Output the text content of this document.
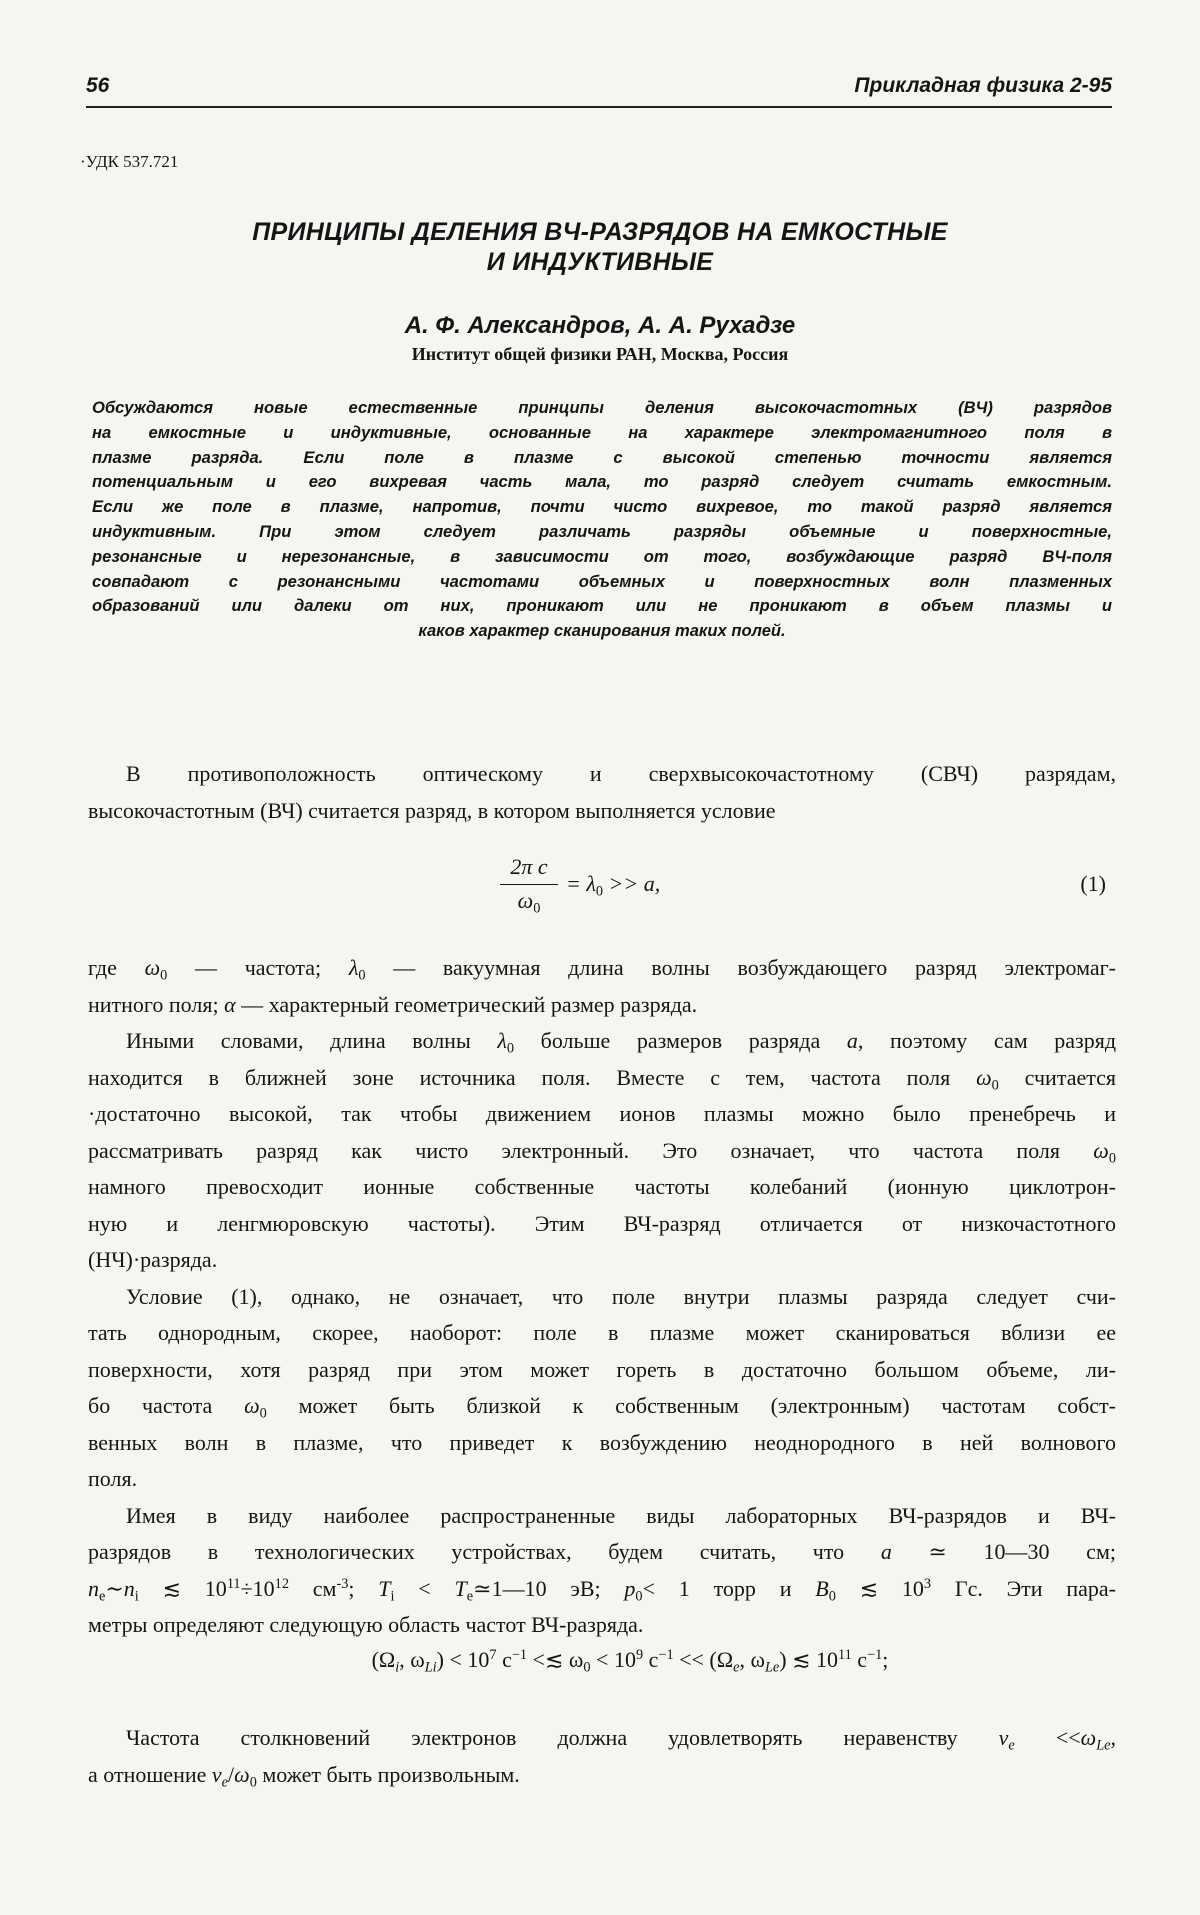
56	Прикладная физика 2-95
·УДК 537.721
ПРИНЦИПЫ ДЕЛЕНИЯ ВЧ-РАЗРЯДОВ НА ЕМКОСТНЫЕ
И ИНДУКТИВНЫЕ
А. Ф. Александров, А. А. Рухадзе
Институт общей физики РАН, Москва, Россия
Обсуждаются новые естественные принципы деления высокочастотных (ВЧ) разрядов
на емкостные и индуктивные, основанные на характере электромагнитного поля в
плазме разряда. Если поле в плазме с высокой степенью точности является
потенциальным и его вихревая часть мала, то разряд следует считать емкостным.
Если же поле в плазме, напротив, почти чисто вихревое, то такой разряд является
индуктивным. При этом следует различать разряды объемные и поверхностные,
резонансные и нерезонансные, в зависимости от того, возбуждающие разряд ВЧ-поля
совпадают с резонансными частотами объемных и поверхностных волн плазменных
образований или далеки от них, проникают или не проникают в объем плазмы и
каков характер сканирования таких полей.
В противоположность оптическому и сверхвысокочастотному (СВЧ) разрядам,
высокочастотным (ВЧ) считается разряд, в котором выполняется условие
$\frac{\text{2π c}}{\omega_0} = \lambda_0 >> a$,	(1)
где $\omega_0$ — частота; $\lambda_0$ — вакуумная длина волны возбуждающего разряд электромаг-
нитного поля; α — характерный геометрический размер разряда.
Иными словами, длина волны $\lambda_0$ больше размеров разряда a, поэтому сам разряд
находится в ближней зоне источника поля. Вместе с тем, частота поля $\omega_0$ считается
·достаточно высокой, так чтобы движением ионов плазмы можно было пренебречь и
рассматривать разряд как чисто электронный. Это означает, что частота поля $\omega_0$
намного превосходит ионные собственные частоты колебаний (ионную циклотрон-
ную и ленгмюровскую частоты). Этим ВЧ-разряд отличается от низкочастотного
(НЧ)·разряда.
Условие (1), однако, не означает, что поле внутри плазмы разряда следует счи-
тать однородным, скорее, наоборот: поле в плазме может сканироваться вблизи ее
поверхности, хотя разряд при этом может гореть в достаточно большом объеме, ли-
бо частота $\omega_0$ может быть близкой к собственным (электронным) частотам собст-
венных волн в плазме, что приведет к возбуждению неоднородного в ней волнового
поля.
Имея в виду наиболее распространенные виды лабораторных ВЧ-разрядов и ВЧ-
разрядов в технологических устройствах, будем считать, что a ≃ 10—30 см;
$n_e\sim n_i$ ≲ $10^{11}\div 10^{12}$ $см^{-3}$; $T_i$ < $T_e≃1—10$ эВ; $p_0< 1$ торр и $B_0$ ≲ $10^3$ Гс. Эти пара-
метры определяют следующую область частот ВЧ-разряда.
($\Omega_i$, $\omega_{Li}) < 10^7$ $с^{-1}$ <≲ $\omega_0 < 10^9$ $с^{-1} << (\Omega_e$, $\omega_{Le}$) ≲ $10^{11}$ $с^{-1}$;
Частота столкновений электронов должна удовлетворять неравенству $\nu_e <<\omega_{Le}$,
а отношение $\nu_e/\omega_0$ может быть произвольным.
